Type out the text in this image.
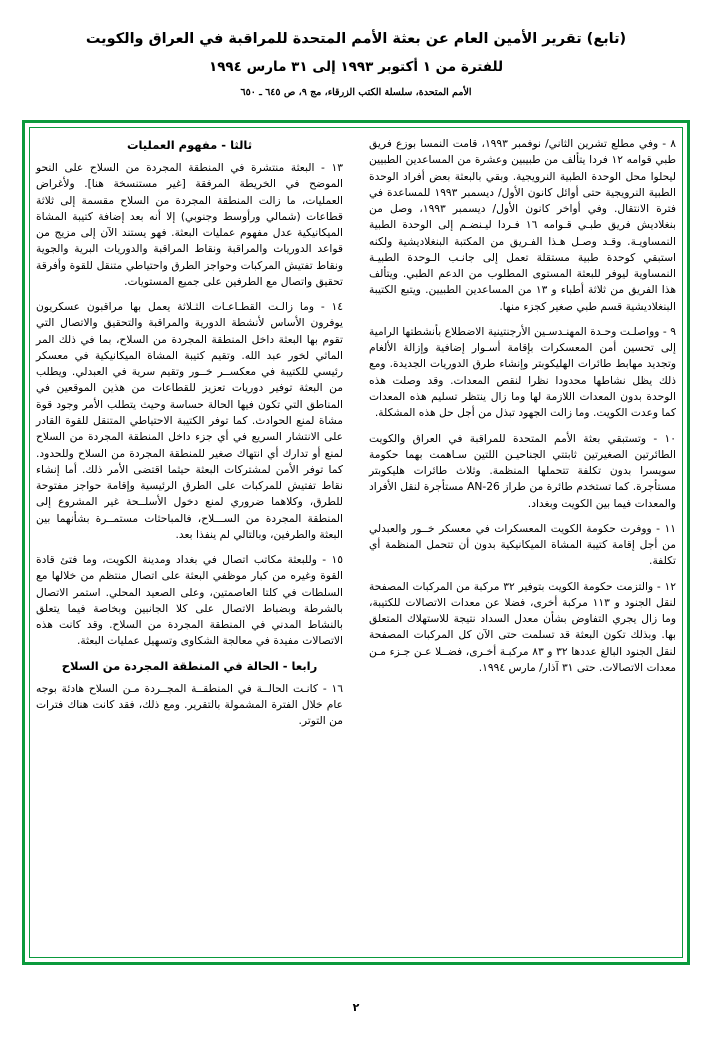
(تابع) تقرير الأمين العام عن بعثة الأمم المتحدة للمراقبة في العراق والكويت
للفترة من ١ أكتوبر ١٩٩٣ إلى ٣١ مارس ١٩٩٤
الأمم المتحدة، سلسلة الكتب الزرقاء، مج ٩، ص ٦٤٥ ـ ٦٥٠

٨ - وفي مطلع تشرين الثاني/ نوفمبر ١٩٩٣، قامت النمسا بوزع فريق طبي قوامه ١٢ فردا يتألف من طبيبين وعشرة من المساعدين الطبيين ليحلوا محل الوحدة الطبية النرويجية. وبقي بالبعثة بعض أفراد الوحدة الطبية النرويجية حتى أوائل كانون الأول/ ديسمبر ١٩٩٣ للمساعدة في فترة الانتقال. وفي أواخر كانون الأول/ ديسمبر ١٩٩٣، وصل من بنغلاديش فريق طبـي قـوامه ١٦ فـردا ليـنضـم إلى الوحدة الطبية النمساويـة. وقـد وصـل هـذا الفـريق من المكتبة البنغلاديشية ولكنه استبقي كوحدة طبية مستقلة تعمل إلى جانـب الـوحدة الطبيـة النمساوية ليوفر للبعثة المستوى المطلوب من الدعم الطبي. ويتألف هذا الفريق من ثلاثة أطباء و ١٣ من المساعدين الطبيين. ويتبع الكتيبة البنغلاديشية قسم طبي صغير كجزء منها.

٩ - وواصلـت وحـدة المهنـدسـين الأرجنتينية الاضطلاع بأنشطتها الرامية إلى تحسين أمن المعسكرات بإقامة أسـوار إضافية وإزالة الألغام وتجديد مهابط طائرات الهليكوبتر وإنشاء طرق الدوريات الجديدة. ومع ذلك يظل نشاطها محدودا نظرا لنقص المعدات. وقد وصلت هذه الوحدة بدون المعدات اللازمة لها وما زال ينتظر تسليم هذه المعدات كما وعدت الكويت. وما زالت الجهود تبذل من أجل حل هذه المشكلة.

١٠ - وتستبقي بعثة الأمم المتحدة للمراقبة في العراق والكويت الطائرتين الصغيرتين ثابتتي الجناحيـن اللتين سـاهمت بهما حكومة سويسرا بدون تكلفة تتحملها المنظمة. وثلاث طائرات هليكوبتر مستأجرة. كما تستخدم طائرة من طراز AN-26 مستأجرة لنقل الأفراد والمعدات فيما بين الكويت وبغداد.

١١ - ووفرت حكومة الكويت المعسكرات في معسكر خــور والعبدلي من أجل إقامة كتيبة المشاة الميكانيكية بدون أن تتحمل المنظمة أي تكلفة.

١٢ - والتزمت حكومة الكويت بتوفير ٣٢ مركبة من المركبات المصفحة لنقل الجنود و ١١٣ مركبة أخرى، فضلا عن معدات الاتصالات للكتيبة، وما زال يجري التفاوض بشأن معدل السداد نتيجة للاستهلاك المتعلق بها. وبذلك تكون البعثة قد تسلمت حتى الآن كل المركبات المصفحة لنقل الجنود البالغ عددها ٣٢ و ٨٣ مركبـة أخـرى، فضــلا عـن جـزء مـن معدات الاتصالات. حتى ٣١ آذار/ مارس ١٩٩٤.

ثالثا - مفهوم العمليات

١٣ - البعثة منتشرة في المنطقة المجردة من السلاح على النحو الموضح في الخريطة المرفقة [غير مستنسخة هنا]. ولأغراض العمليات، ما زالت المنطقة المجردة من السلاح مقسمة إلى ثلاثة قطاعات (شمالي ورأوسط وجنوبي) إلا أنه بعد إضافة كتيبة المشاة الميكانيكية عدل مفهوم عمليات البعثة. فهو يستند الآن إلى مزيج من قواعد الدوريات والمراقبة ونقاط المراقبة والدوريات البرية والجوية ونقاط تفتيش المركبات وحواجز الطرق واحتياطي متنقل للقوة وأفرقة تحقيق واتصال مع الطرفين على جميع المستويات.

١٤ - وما زالـت القطـاعـات الثـلاثة يعمل بها مراقبون عسكريون يوفرون الأساس لأنشطة الدورية والمراقبة والتحقيق والاتصال التي تقوم بها البعثة داخل المنطقة المجردة من السلاح، بما في ذلك المر الماثي لخور عبد الله. وتقيم كتيبة المشاة الميكانيكية في معسكر رئيسي للكتيبة في معكســر خــور وتقيم سرية في العبدلي. ويطلب من البعثة توفير دوريات تعزيز للقطاعات من هذين الموقعين في المناطق التي تكون فيها الحالة حساسة وحيث يتطلب الأمر وجود قوة مشاة لمنع الحوادث. كما توفر الكتيبة الاحتياطي المتنقل للقوة القادر على الانتشار السريع في أي جزء داخل المنطقة المجردة من السلاح لمنع أو تدارك أي انتهاك صغير للمنطقة المجردة من السلاح وللحدود. كما توفر الأمن لمشتركات البعثة حيثما اقتضى الأمر ذلك. أما إنشاء نقاط تفتيش للمركبات على الطرق الرئيسية وإقامة حواجز مفتوحة للطرق، وكلاهما ضروري لمنع دخول الأسلــحة غير المشروع إلى المنطقة المجردة من الســـلاح، فالمباحثات مستمــرة بشأنهما بين البعثة والطرفين، وبالتالي لم ينفذا بعد.

١٥ - وللبعثة مكاتب اتصال في بغداد ومدينة الكويت، وما فتئ قادة القوة وغيره من كبار موظفي البعثة على اتصال منتظم من خلالها مع السلطات في كلتا العاصمتين، وعلى الصعيد المحلي. استمر الاتصال بالشرطة وبضباط الاتصال على كلا الجانبين وبخاصة فيما يتعلق بالنشاط المدني في المنطقة المجردة من السلاح. وقد كانت هذه الاتصالات مفيدة في معالجة الشكاوى وتسهيل عمليات البعثة.

رابعا - الحالة في المنطقة المجردة من السلاح

١٦ - كانـت الحالــة في المنطقــة المجــردة مـن السلاح هادئة بوجه عام خلال الفترة المشمولة بالتقرير. ومع ذلك، فقد كانت هناك فترات من التوتر.

٢
